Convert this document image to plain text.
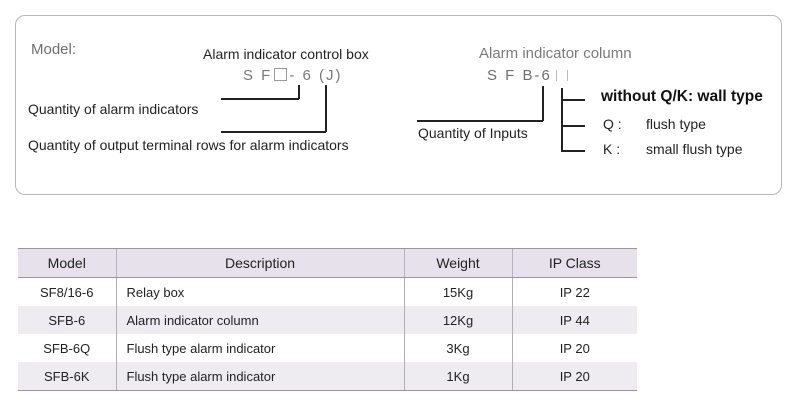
Model:	Alarm indicator control box
S F - 6 (J)
Quantity of alarm indicators
Quantity of output terminal rows for alarm indicators
Alarm indicator column
S F B-6
Quantity of Inputs
without Q/K: wall type
Q : flush type
K : small flush type
Model	Description	Weight	IP Class
SF8/16-6	Relay box	15Kg	IP 22
SFB-6	Alarm indicator column	12Kg	IP 44
SFB-6Q	Flush type alarm indicator	3Kg	IP 20
SFB-6K	Flush type alarm indicator	1Kg	IP 20
